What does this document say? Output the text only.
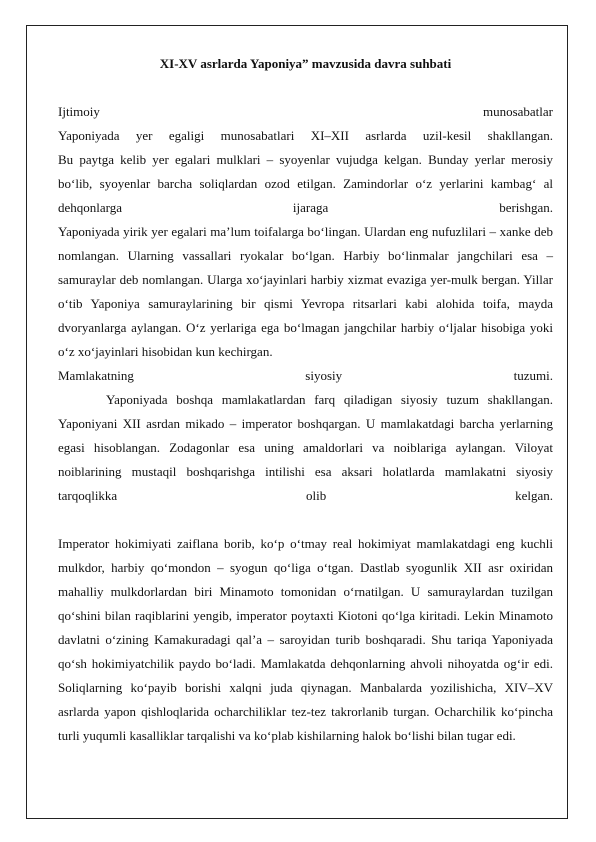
XI-XV asrlarda Yaponiya” mavzusida davra suhbati

Ijtimoiy munosabatlar

Yaponiyada yer egaligi munosabatlari XI–XII asrlarda uzil-kesil shakllangan.

Bu paytga kelib yer egalari mulklari – syoyenlar vujudga kelgan. Bunday yerlar merosiy bo‘lib, syoyenlar barcha soliqlardan ozod etilgan. Zamindorlar o‘z yerlarini kambag‘ al dehqonlarga ijaraga berishgan.

Yaponiyada yirik yer egalari ma’lum toifalarga bo‘lingan. Ulardan eng nufuzlilari – xanke deb nomlangan. Ularning vassallari ryokalar bo‘lgan. Harbiy bo‘linmalar jangchilari esa – samuraylar deb nomlangan. Ularga xo‘jayinlari harbiy xizmat evaziga yer-mulk bergan. Yillar o‘tib Yaponiya samuraylarining bir qismi Yevropa ritsarlari kabi alohida toifa, mayda dvoryanlarga aylangan. O‘z yerlariga ega bo‘lmagan jangchilar harbiy o‘ljalar hisobiga yoki o‘z xo‘jayinlari hisobidan kun kechirgan.

Mamlakatning siyosiy tuzumi.

Yaponiyada boshqa mamlakatlardan farq qiladigan siyosiy tuzum shakllangan. Yaponiyani XII asrdan mikado – imperator boshqargan. U mamlakatdagi barcha yerlarning egasi hisoblangan. Zodagonlar esa uning amaldorlari va noiblariga aylangan. Viloyat noiblarining mustaqil boshqarishga intilishi esa aksari holatlarda mamlakatni siyosiy tarqoqlikka olib kelgan.

Imperator hokimiyati zaiflana borib, ko‘p o‘tmay real hokimiyat mamlakatdagi eng kuchli mulkdor, harbiy qo‘mondon – syogun qo‘liga o‘tgan. Dastlab syogunlik XII asr oxiridan mahalliy mulkdorlardan biri Minamoto tomonidan o‘rnatilgan. U samuraylardan tuzilgan qo‘shini bilan raqiblarini yengib, imperator poytaxti Kiotoni qo‘lga kiritadi. Lekin Minamoto davlatni o‘zining Kamakuradagi qal’a – saroyidan turib boshqaradi. Shu tariqa Yaponiyada qo‘sh hokimiyatchilik paydo bo‘ladi. Mamlakatda dehqonlarning ahvoli nihoyatda og‘ir edi. Soliqlarning ko‘payib borishi xalqni juda qiynagan. Manbalarda yozilishicha, XIV–XV asrlarda yapon qishloqlarida ocharchiliklar tez-tez takrorlanib turgan. Ocharchilik ko‘pincha turli yuqumli kasalliklar tarqalishi va ko‘plab kishilarning halok bo‘lishi bilan tugar edi.
